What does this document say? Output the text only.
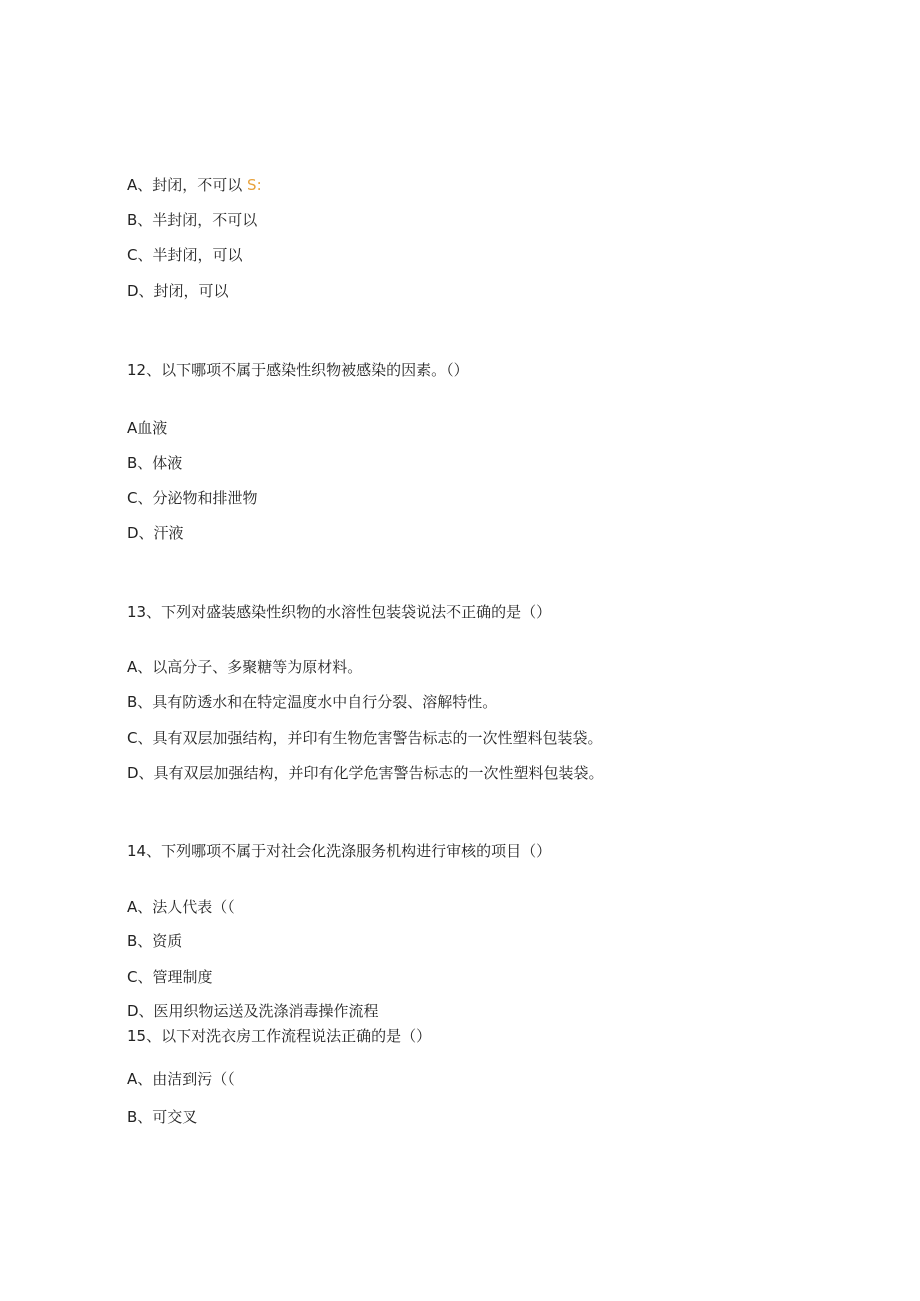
A、封闭，不可以 S:
B、半封闭，不可以
C、半封闭，可以
D、封闭，可以
12、以下哪项不属于感染性织物被感染的因素。（）
A血液
B、体液
C、分泌物和排泄物
D、汗液
13、下列对盛装感染性织物的水溶性包装袋说法不正确的是（）
A、以高分子、多聚糖等为原材料。
B、具有防透水和在特定温度水中自行分裂、溶解特性。
C、具有双层加强结构，并印有生物危害警告标志的一次性塑料包装袋。
D、具有双层加强结构，并印有化学危害警告标志的一次性塑料包装袋。
14、下列哪项不属于对社会化洗涤服务机构进行审核的项目（）
A、法人代表（（
B、资质
C、管理制度
D、医用织物运送及洗涤消毒操作流程
15、以下对洗衣房工作流程说法正确的是（）
A、由洁到污（（
B、可交叉
